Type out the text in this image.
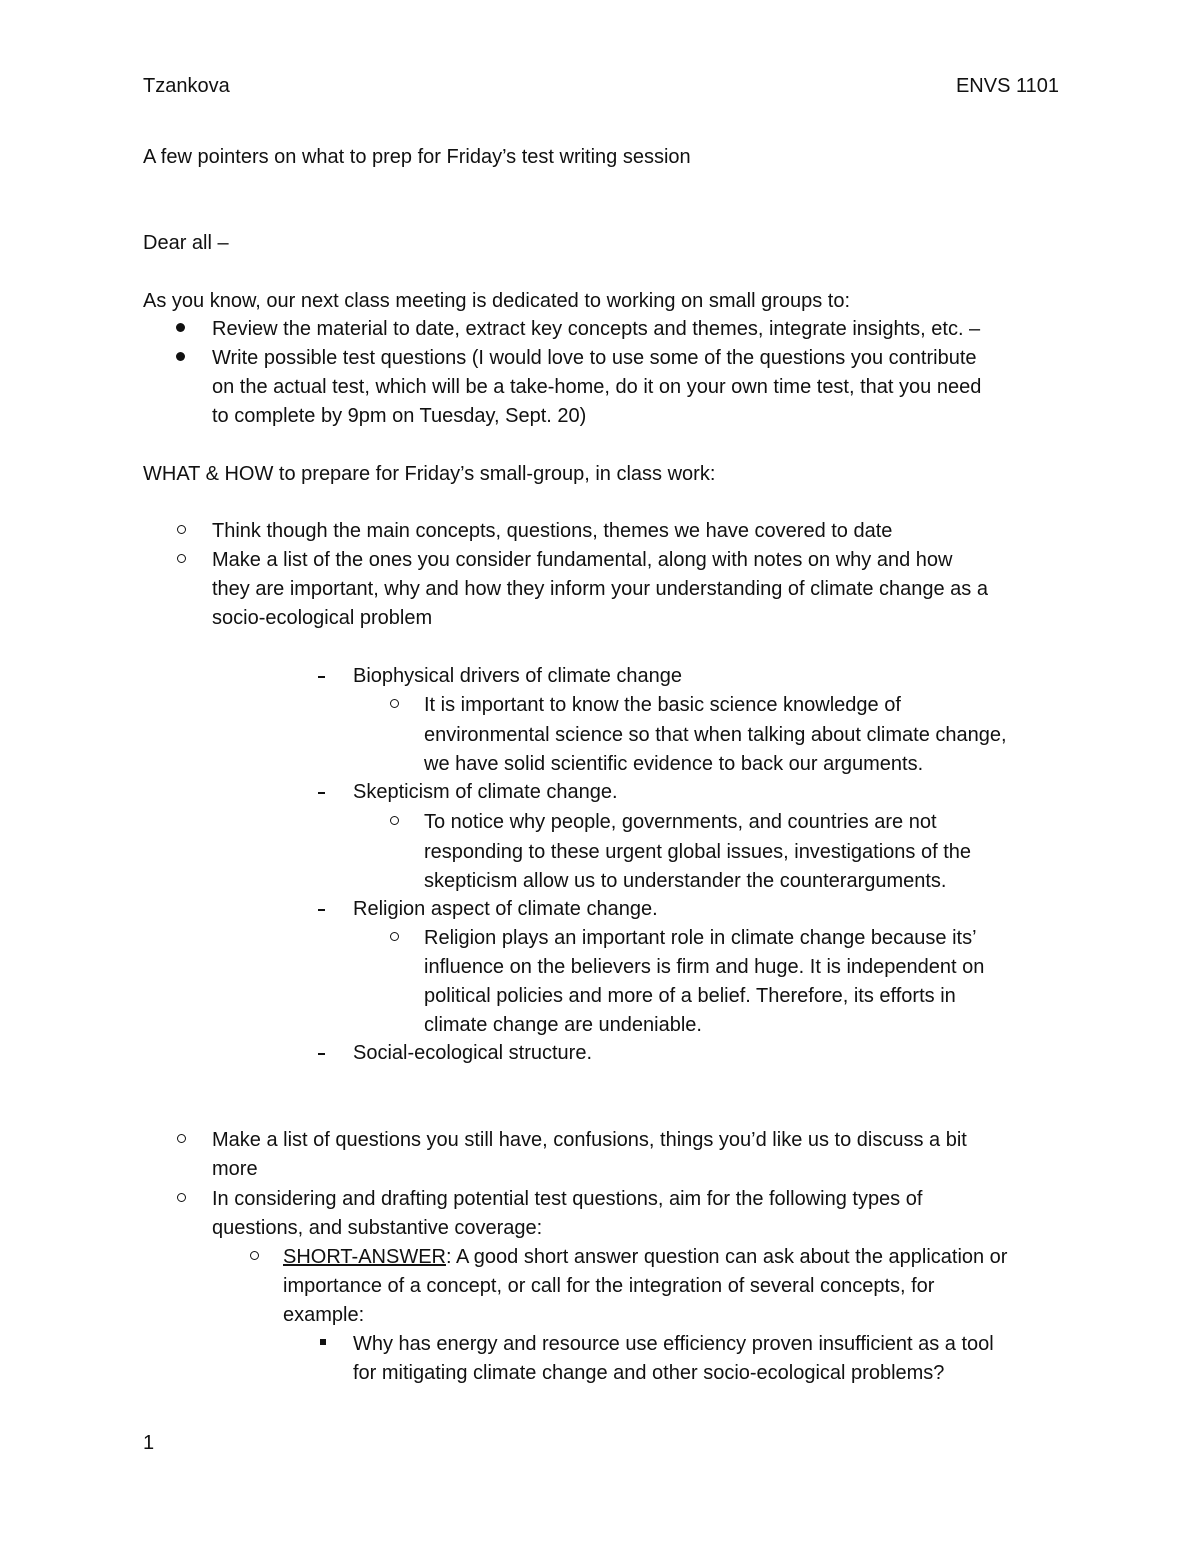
Tzankova	ENVS 1101
A few pointers on what to prep for Friday’s test writing session
Dear all –
As you know, our next class meeting is dedicated to working on small groups to:
Review the material to date, extract key concepts and themes, integrate insights, etc. –
Write possible test questions (I would love to use some of the questions you contribute
on the actual test, which will be a take-home, do it on your own time test, that you need
to complete by 9pm on Tuesday, Sept. 20)
WHAT & HOW to prepare for Friday’s small-group, in class work:
Think though the main concepts, questions, themes we have covered to date
Make a list of the ones you consider fundamental, along with notes on why and how
they are important, why and how they inform your understanding of climate change as a
socio-ecological problem
Biophysical drivers of climate change
It is important to know the basic science knowledge of
environmental science so that when talking about climate change,
we have solid scientific evidence to back our arguments.
Skepticism of climate change.
To notice why people, governments, and countries are not
responding to these urgent global issues, investigations of the
skepticism allow us to understander the counterarguments.
Religion aspect of climate change.
Religion plays an important role in climate change because its’
influence on the believers is firm and huge. It is independent on
political policies and more of a belief. Therefore, its efforts in
climate change are undeniable.
Social-ecological structure.
Make a list of questions you still have, confusions, things you’d like us to discuss a bit
more
In considering and drafting potential test questions, aim for the following types of
questions, and substantive coverage:
SHORT-ANSWER: A good short answer question can ask about the application or
importance of a concept, or call for the integration of several concepts, for
example:
Why has energy and resource use efficiency proven insufficient as a tool
for mitigating climate change and other socio-ecological problems?
1
